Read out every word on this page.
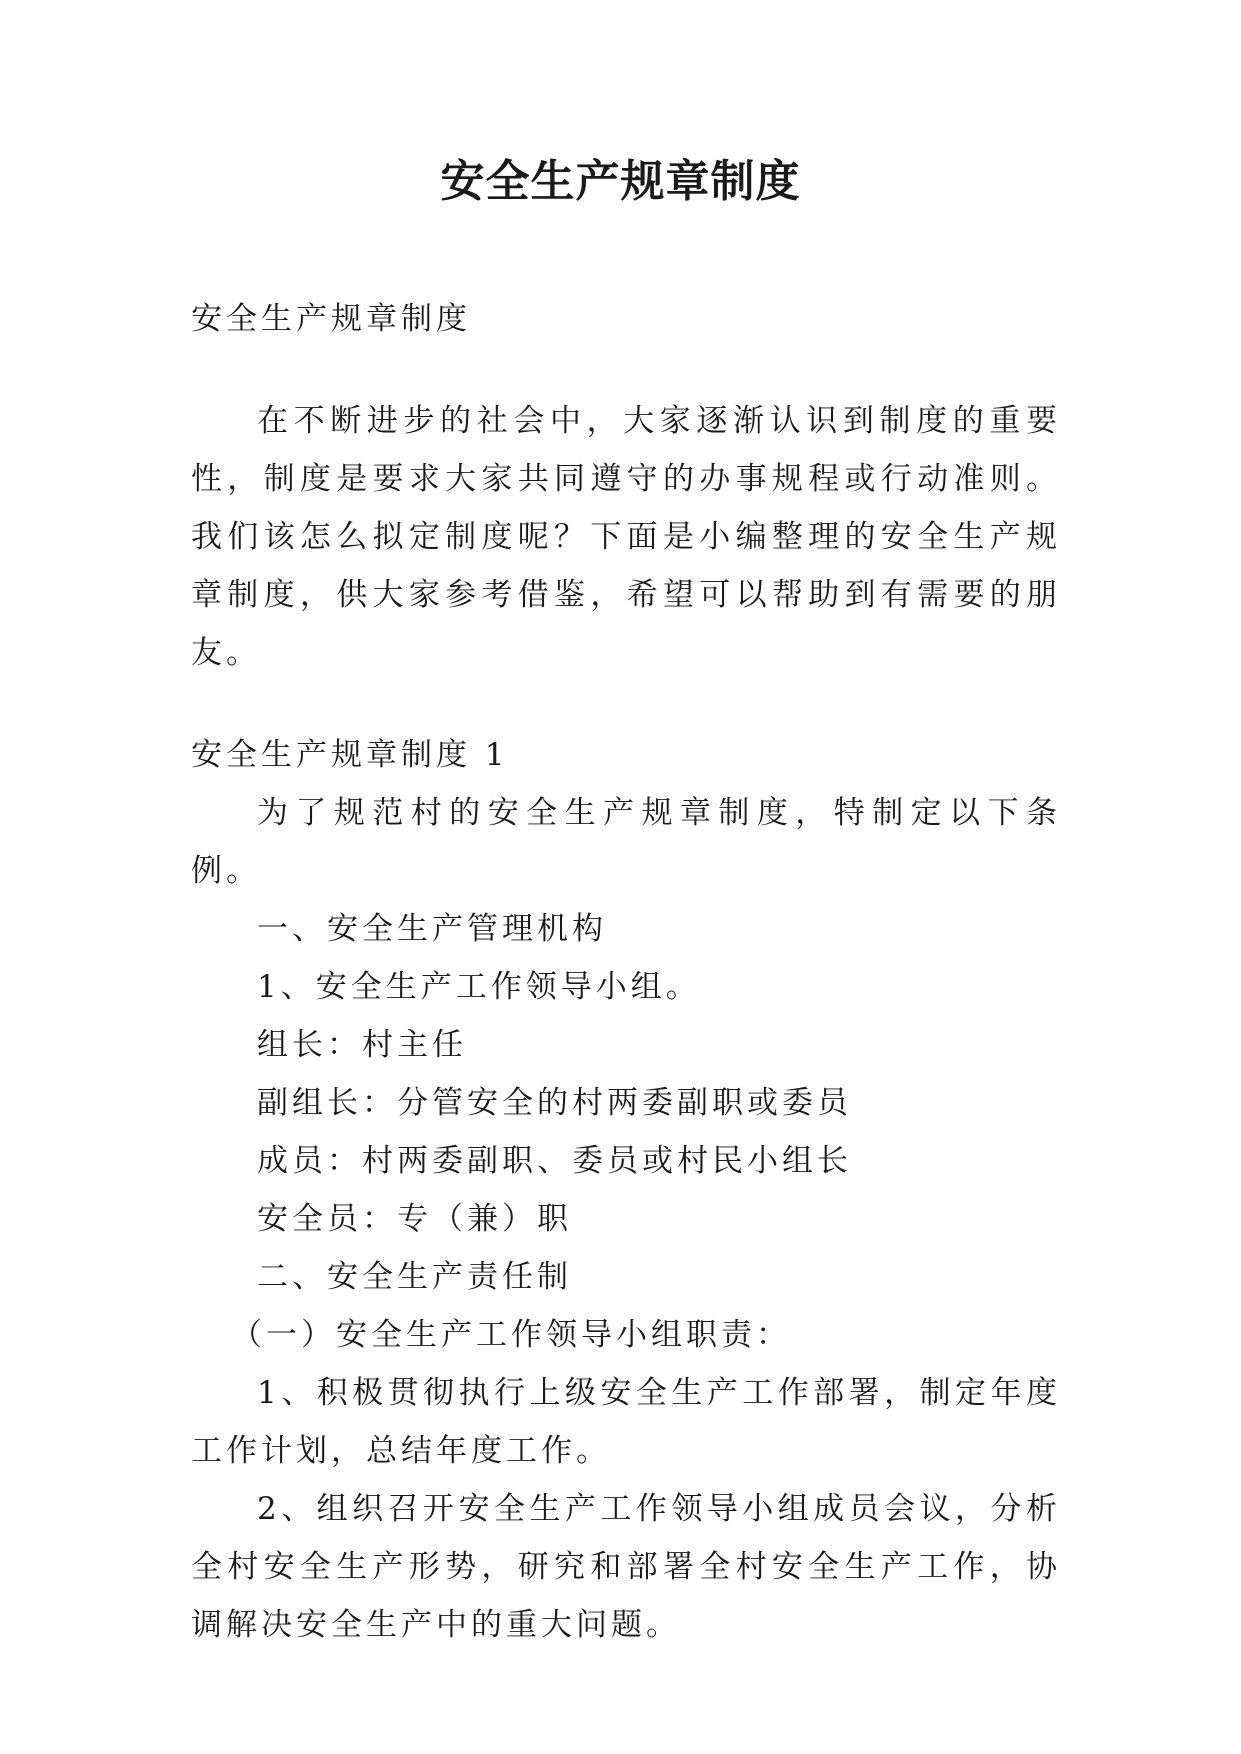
安全生产规章制度

安全生产规章制度

在不断进步的社会中，大家逐渐认识到制度的重要性，制度是要求大家共同遵守的办事规程或行动准则。我们该怎么拟定制度呢？下面是小编整理的安全生产规章制度，供大家参考借鉴，希望可以帮助到有需要的朋友。

安全生产规章制度 1

为了规范村的安全生产规章制度，特制定以下条例。

一、安全生产管理机构

1、安全生产工作领导小组。

组长：村主任

副组长：分管安全的村两委副职或委员

成员：村两委副职、委员或村民小组长

安全员：专（兼）职

二、安全生产责任制

（一）安全生产工作领导小组职责：

1、积极贯彻执行上级安全生产工作部署，制定年度工作计划，总结年度工作。

2、组织召开安全生产工作领导小组成员会议，分析全村安全生产形势，研究和部署全村安全生产工作，协调解决安全生产中的重大问题。
